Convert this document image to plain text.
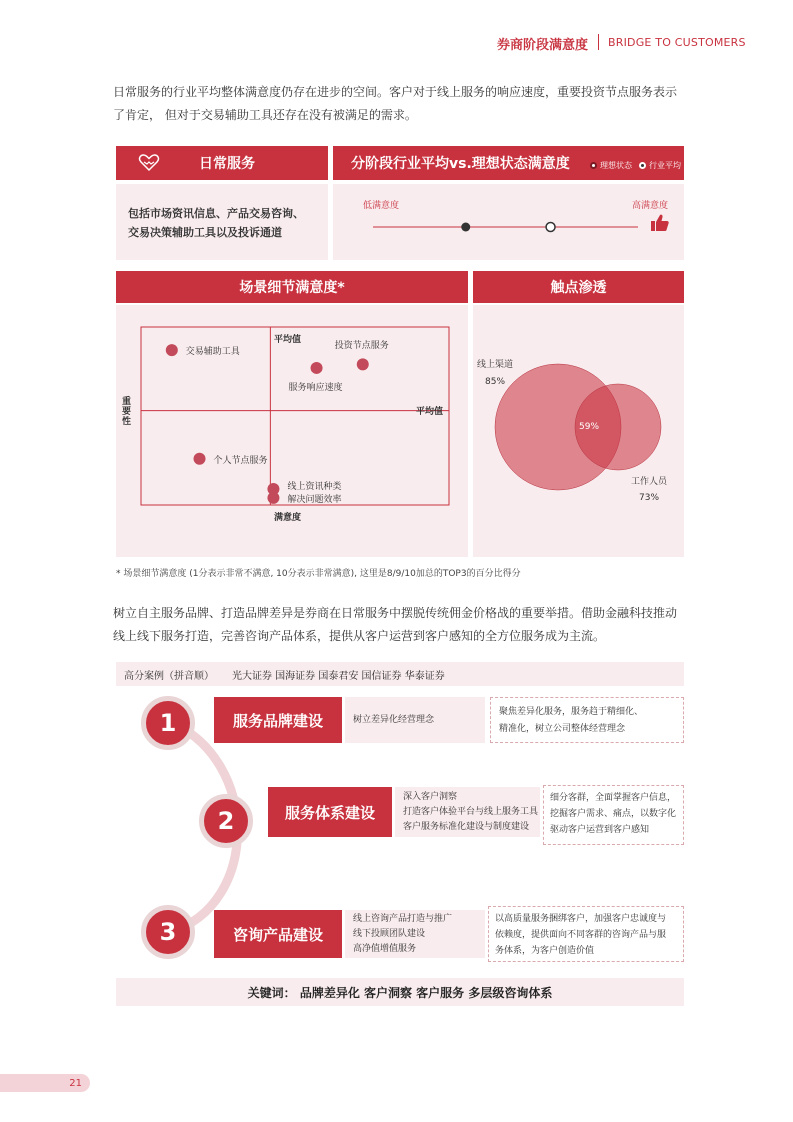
券商阶段满意度 BRIDGE TO CUSTOMERS
日常服务的行业平均整体满意度仍存在进步的空间。客户对于线上服务的响应速度，重要投资节点服务表示
了肯定， 但对于交易辅助工具还存在没有被满足的需求。
日常服务
包括市场资讯信息、产品交易咨询、
交易决策辅助工具以及投诉通道
分阶段行业平均vs.理想状态满意度	理想状态 行业平均
低满意度	高满意度
场景细节满意度*
平均值
平均值
满意度
重要性
交易辅助工具
投资节点服务
服务响应速度
个人节点服务
线上资讯种类
解决问题效率
触点渗透
线上渠道
85%
59%
工作人员
73%
* 场景细节满意度 (1分表示非常不满意, 10分表示非常满意), 这里是8/9/10加总的TOP3的百分比得分
树立自主服务品牌、打造品牌差异是券商在日常服务中摆脱传统佣金价格战的重要举措。借助金融科技推动
线上线下服务打造，完善咨询产品体系，提供从客户运营到客户感知的全方位服务成为主流。
高分案例（拼音顺） 光大证券 国海证券 国泰君安 国信证券 华泰证券
1	服务品牌建设	树立差异化经营理念
聚焦差异化服务，服务趋于精细化、
精准化，树立公司整体经营理念
2	服务体系建设
深入客户洞察
打造客户体验平台与线上服务工具
客户服务标准化建设与制度建设
细分客群，全面掌握客户信息，
挖掘客户需求、痛点，以数字化
驱动客户运营到客户感知
3	咨询产品建设
线上咨询产品打造与推广
线下投顾团队建设
高净值增值服务
以高质量服务捆绑客户，加强客户忠诚度与
依赖度，提供面向不同客群的咨询产品与服
务体系，为客户创造价值
关键词： 品牌差异化 客户洞察 客户服务 多层级咨询体系
21
